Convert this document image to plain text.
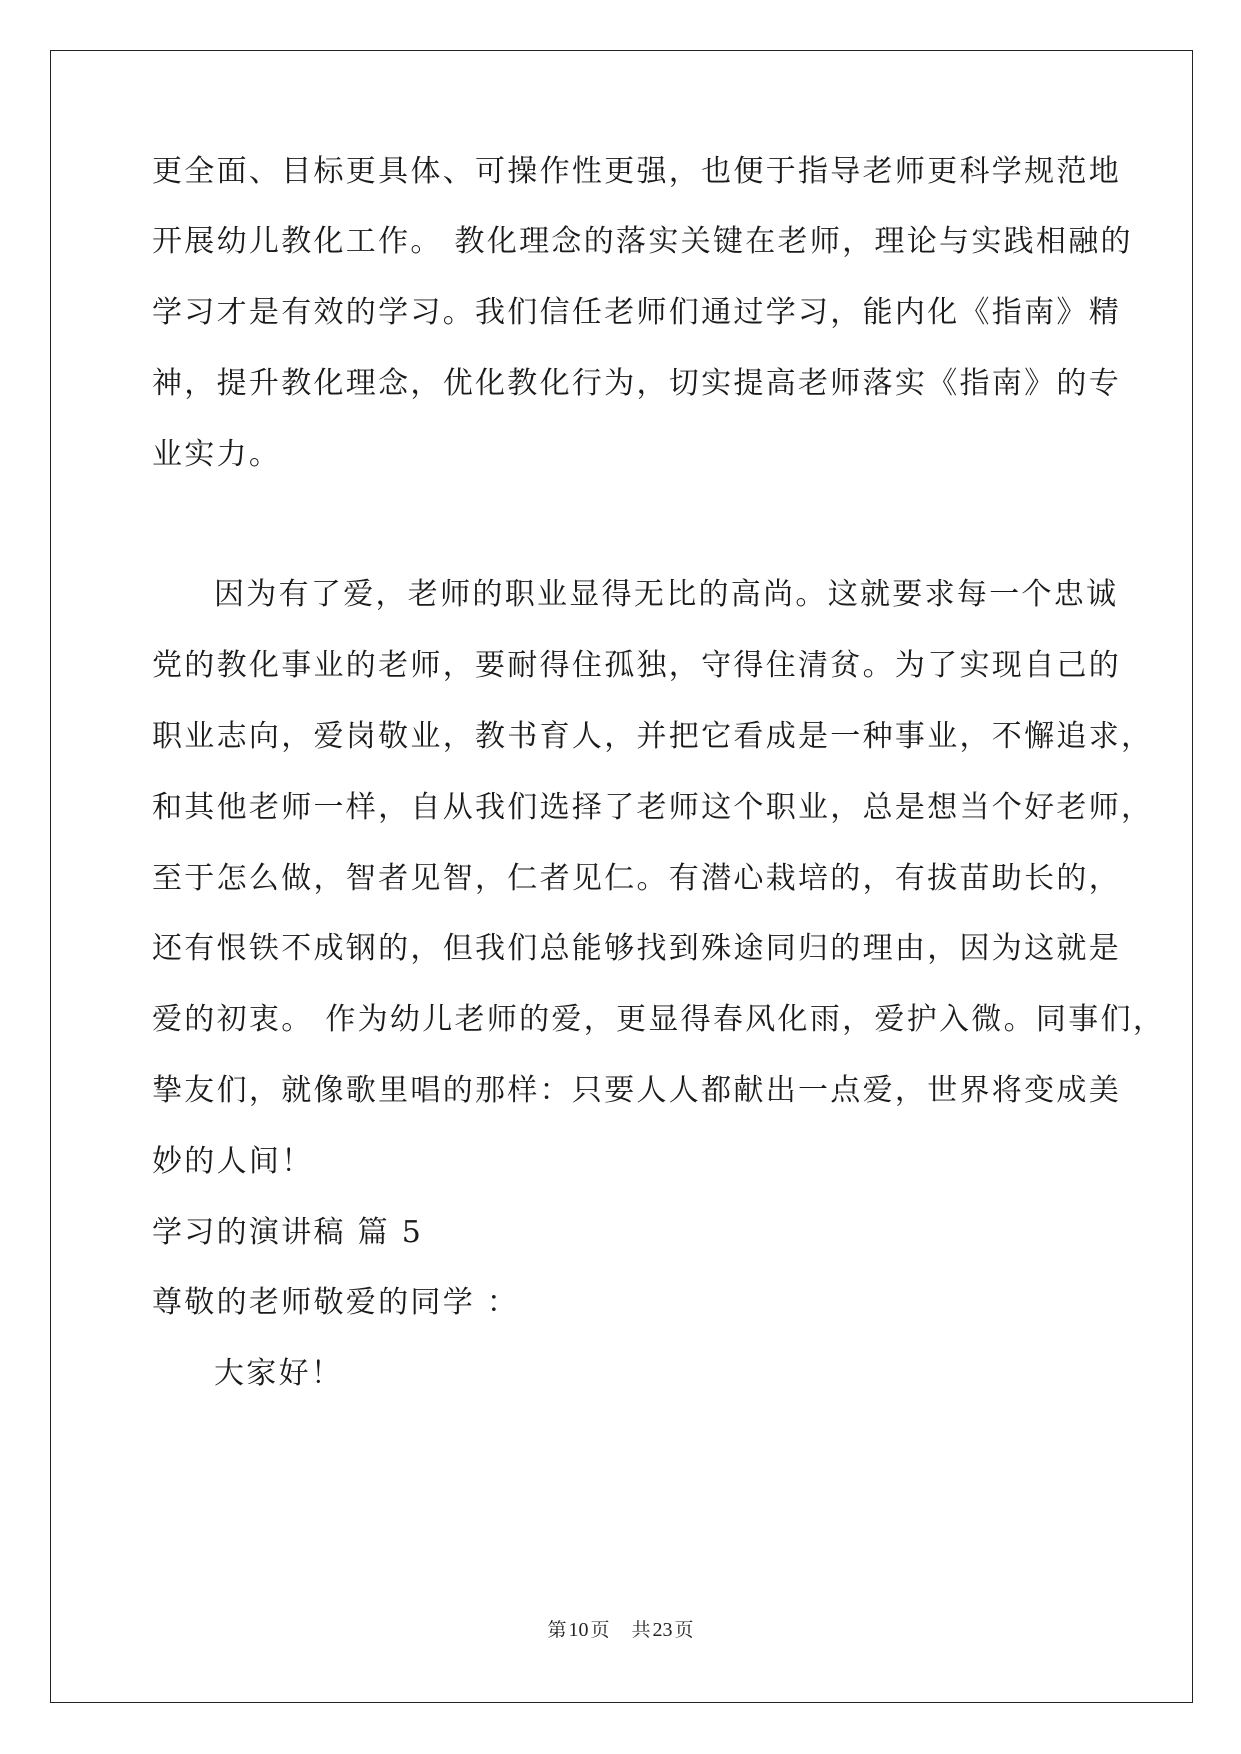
更全面、目标更具体、可操作性更强，也便于指导老师更科学规范地
开展幼儿教化工作。 教化理念的落实关键在老师，理论与实践相融的
学习才是有效的学习。我们信任老师们通过学习，能内化《指南》精
神，提升教化理念，优化教化行为，切实提高老师落实《指南》的专
业实力。
因为有了爱，老师的职业显得无比的高尚。这就要求每一个忠诚
党的教化事业的老师，要耐得住孤独，守得住清贫。为了实现自己的
职业志向，爱岗敬业，教书育人，并把它看成是一种事业，不懈追求，
和其他老师一样，自从我们选择了老师这个职业，总是想当个好老师，
至于怎么做，智者见智，仁者见仁。有潜心栽培的，有拔苗助长的，
还有恨铁不成钢的，但我们总能够找到殊途同归的理由，因为这就是
爱的初衷。 作为幼儿老师的爱，更显得春风化雨，爱护入微。同事们，
挚友们，就像歌里唱的那样：只要人人都献出一点爱，世界将变成美
妙的人间！
学习的演讲稿 篇 5
尊敬的老师敬爱的同学 ：
大家好！
第 10 页 共 23 页
